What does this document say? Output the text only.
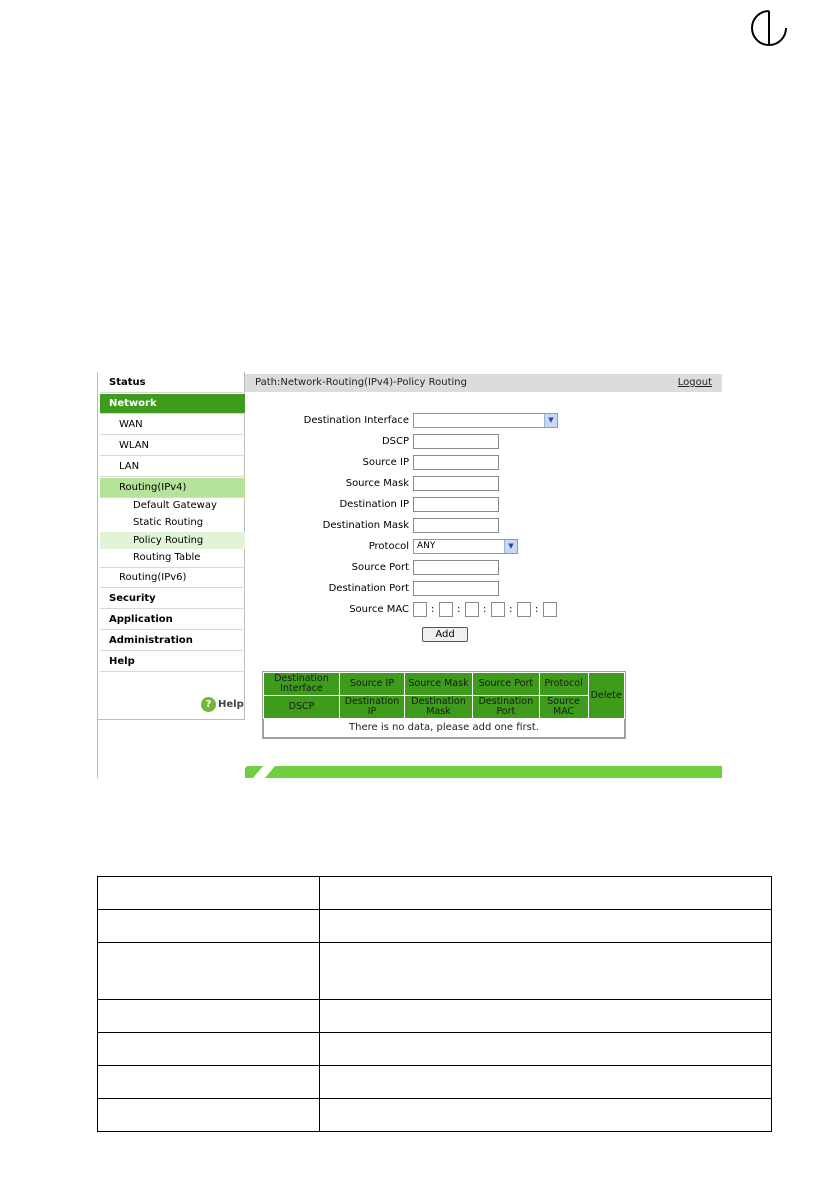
Status
Network
WAN
WLAN
LAN
Routing(IPv4)
Default Gateway
Static Routing
Policy Routing
Routing Table
Routing(IPv6)
Security
Application
Administration
Help
? Help
Path:Network-Routing(IPv4)-Policy Routing	Logout
Destination Interface	▼
DSCP
Source IP
Source Mask
Destination IP
Destination Mask
Protocol ANY	▼
Source Port
Destination Port
Source MAC : : : : :
Add
Destination Interface	Source IP	Source Mask	Source Port	Protocol	Delete
DSCP	Destination IP	Destination Mask	Destination Port	Source MAC	
There is no data, please add one first.					
